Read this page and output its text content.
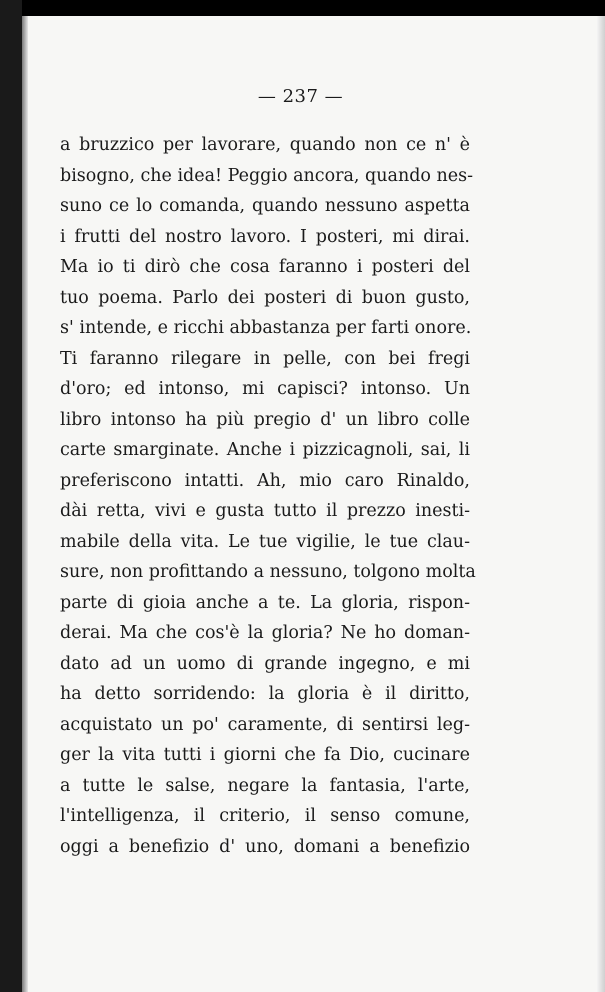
— 237 —
a bruzzico per lavorare, quando non ce n' è
bisogno, che idea! Peggio ancora, quando nes-
suno ce lo comanda, quando nessuno aspetta
i frutti del nostro lavoro. I posteri, mi dirai.
Ma io ti dirò che cosa faranno i posteri del
tuo poema. Parlo dei posteri di buon gusto,
s' intende, e ricchi abbastanza per farti onore.
Ti faranno rilegare in pelle, con bei fregi
d'oro; ed intonso, mi capisci? intonso. Un
libro intonso ha più pregio d' un libro colle
carte smarginate. Anche i pizzicagnoli, sai, li
preferiscono intatti. Ah, mio caro Rinaldo,
dài retta, vivi e gusta tutto il prezzo inesti-
mabile della vita. Le tue vigilie, le tue clau-
sure, non profittando a nessuno, tolgono molta
parte di gioia anche a te. La gloria, rispon-
derai. Ma che cos'è la gloria? Ne ho doman-
dato ad un uomo di grande ingegno, e mi
ha detto sorridendo: la gloria è il diritto,
acquistato un po' caramente, di sentirsi leg-
ger la vita tutti i giorni che fa Dio, cucinare
a tutte le salse, negare la fantasia, l'arte,
l'intelligenza, il criterio, il senso comune,
oggi a benefizio d' uno, domani a benefizio
